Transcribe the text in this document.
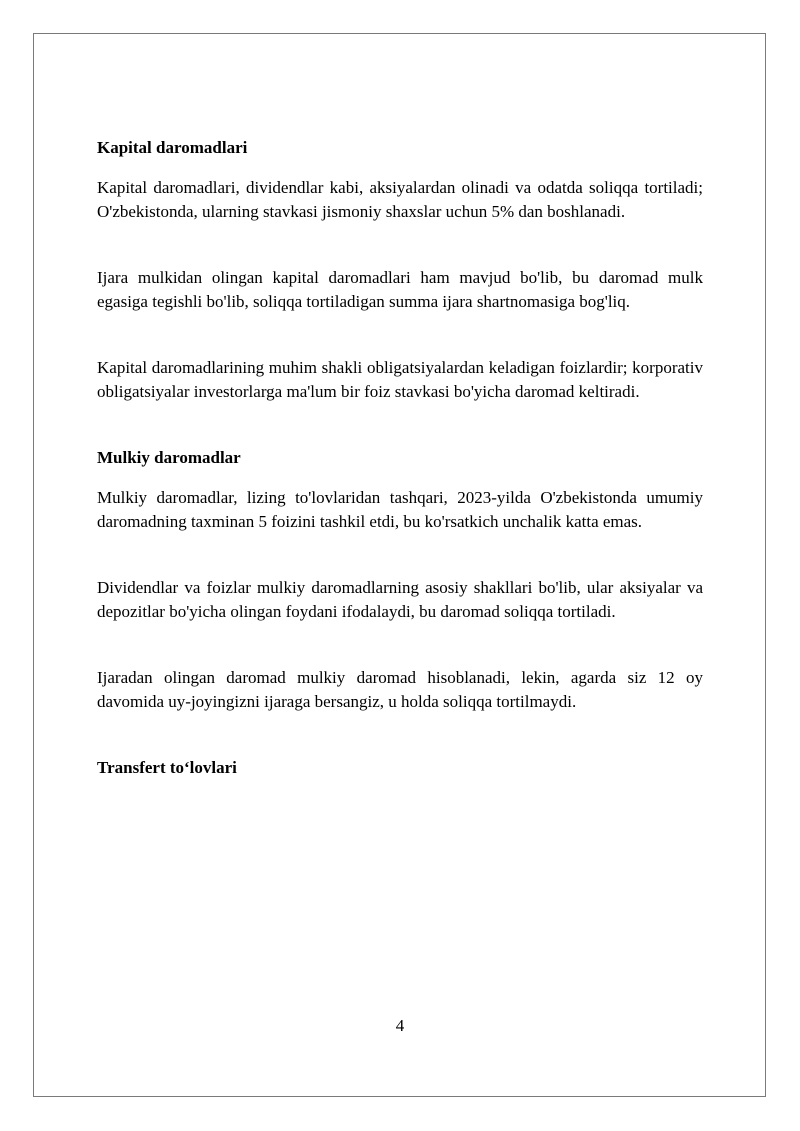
Kapital daromadlari

Kapital daromadlari, dividendlar kabi, aksiyalardan olinadi va odatda soliqqa tortiladi; O'zbekistonda, ularning stavkasi jismoniy shaxslar uchun 5% dan boshlanadi.

Ijara mulkidan olingan kapital daromadlari ham mavjud bo'lib, bu daromad mulk egasiga tegishli bo'lib, soliqqa tortiladigan summa ijara shartnomasiga bog'liq.

Kapital daromadlarining muhim shakli obligatsiyalardan keladigan foizlardir; korporativ obligatsiyalar investorlarga ma'lum bir foiz stavkasi bo'yicha daromad keltiradi.

Mulkiy daromadlar

Mulkiy daromadlar, lizing to'lovlaridan tashqari, 2023-yilda O'zbekistonda umumiy daromadning taxminan 5 foizini tashkil etdi, bu ko'rsatkich unchalik katta emas.

Dividendlar va foizlar mulkiy daromadlarning asosiy shakllari bo'lib, ular aksiyalar va depozitlar bo'yicha olingan foydani ifodalaydi, bu daromad soliqqa tortiladi.

Ijaradan olingan daromad mulkiy daromad hisoblanadi, lekin, agarda siz 12 oy davomida uy-joyingizni ijaraga bersangiz, u holda soliqqa tortilmaydi.

Transfert to‘lovlari

4
